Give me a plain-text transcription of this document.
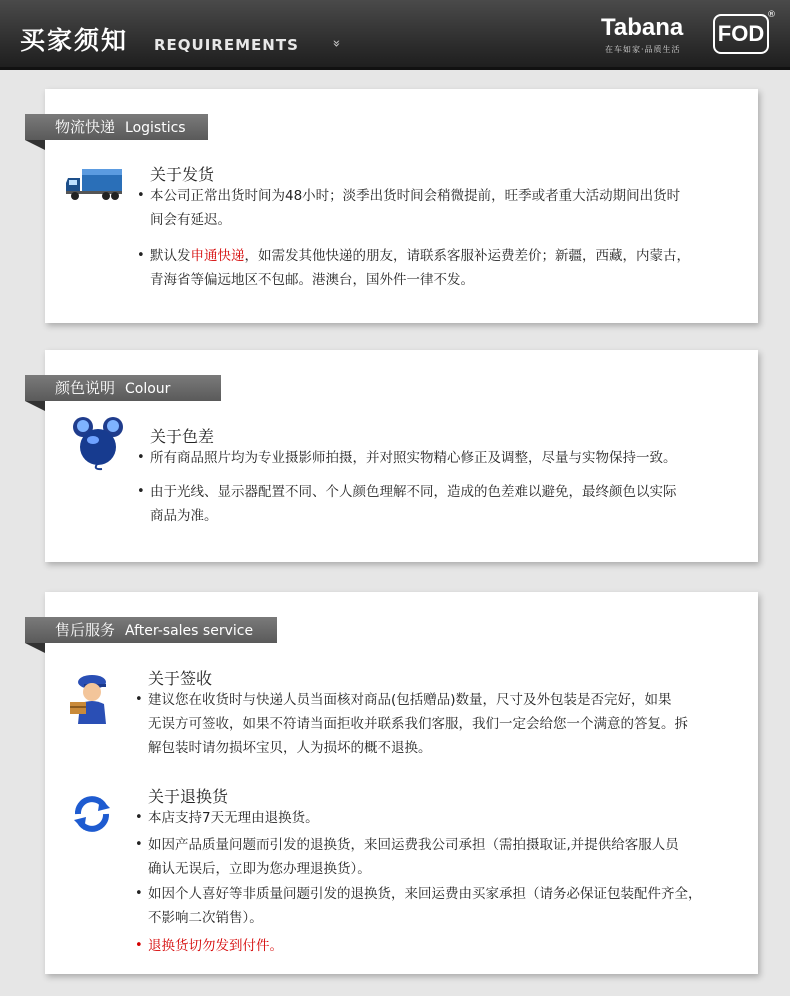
买家须知 REQUIREMENTS »
Tabana
在车如家·品质生活
FOD
®
物流快递 Logistics
关于发货
• 本公司正常出货时间为48小时；淡季出货时间会稍微提前，旺季或者重大活动期间出货时
间会有延迟。
• 默认发申通快递，如需发其他快递的朋友，请联系客服补运费差价；新疆，西藏，内蒙古，
青海省等偏远地区不包邮。港澳台，国外件一律不发。
颜色说明 Colour
关于色差
• 所有商品照片均为专业摄影师拍摄，并对照实物精心修正及调整，尽量与实物保持一致。
• 由于光线、显示器配置不同、个人颜色理解不同，造成的色差难以避免，最终颜色以实际
商品为准。
售后服务 After-sales service
关于签收
• 建议您在收货时与快递人员当面核对商品(包括赠品)数量，尺寸及外包装是否完好，如果
无误方可签收，如果不符请当面拒收并联系我们客服，我们一定会给您一个满意的答复。拆
解包装时请勿损坏宝贝，人为损坏的概不退换。
关于退换货
• 本店支持7天无理由退换货。
• 如因产品质量问题而引发的退换货，来回运费我公司承担（需拍摄取证,并提供给客服人员
确认无误后，立即为您办理退换货）。
• 如因个人喜好等非质量问题引发的退换货，来回运费由买家承担（请务必保证包装配件齐全，
不影响二次销售）。
• 退换货切勿发到付件。
